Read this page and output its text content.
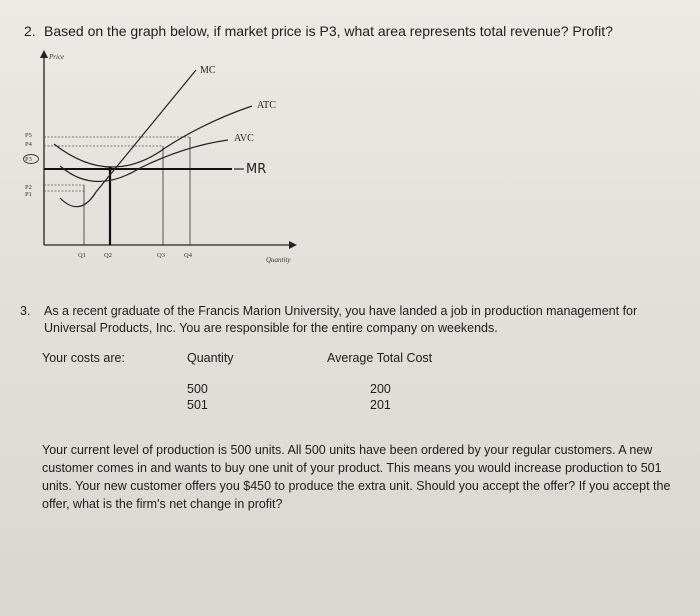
2. Based on the graph below, if market price is P3, what area represents total revenue? Profit?
Price
Quantity
MC
ATC
AVC
MR
P5
P4
P3
P2
P1
Q1	Q2	Q3	Q4
3. As a recent graduate of the Francis Marion University, you have landed a job in production management for Universal Products, Inc. You are responsible for the entire company on weekends.
Your costs are:	Quantity	Average Total Cost
500	200
501	201
Your current level of production is 500 units. All 500 units have been ordered by your regular customers. A new customer comes in and wants to buy one unit of your product. This means you would increase production to 501 units. Your new customer offers you $450 to produce the extra unit. Should you accept the offer? If you accept the offer, what is the firm's net change in profit?
